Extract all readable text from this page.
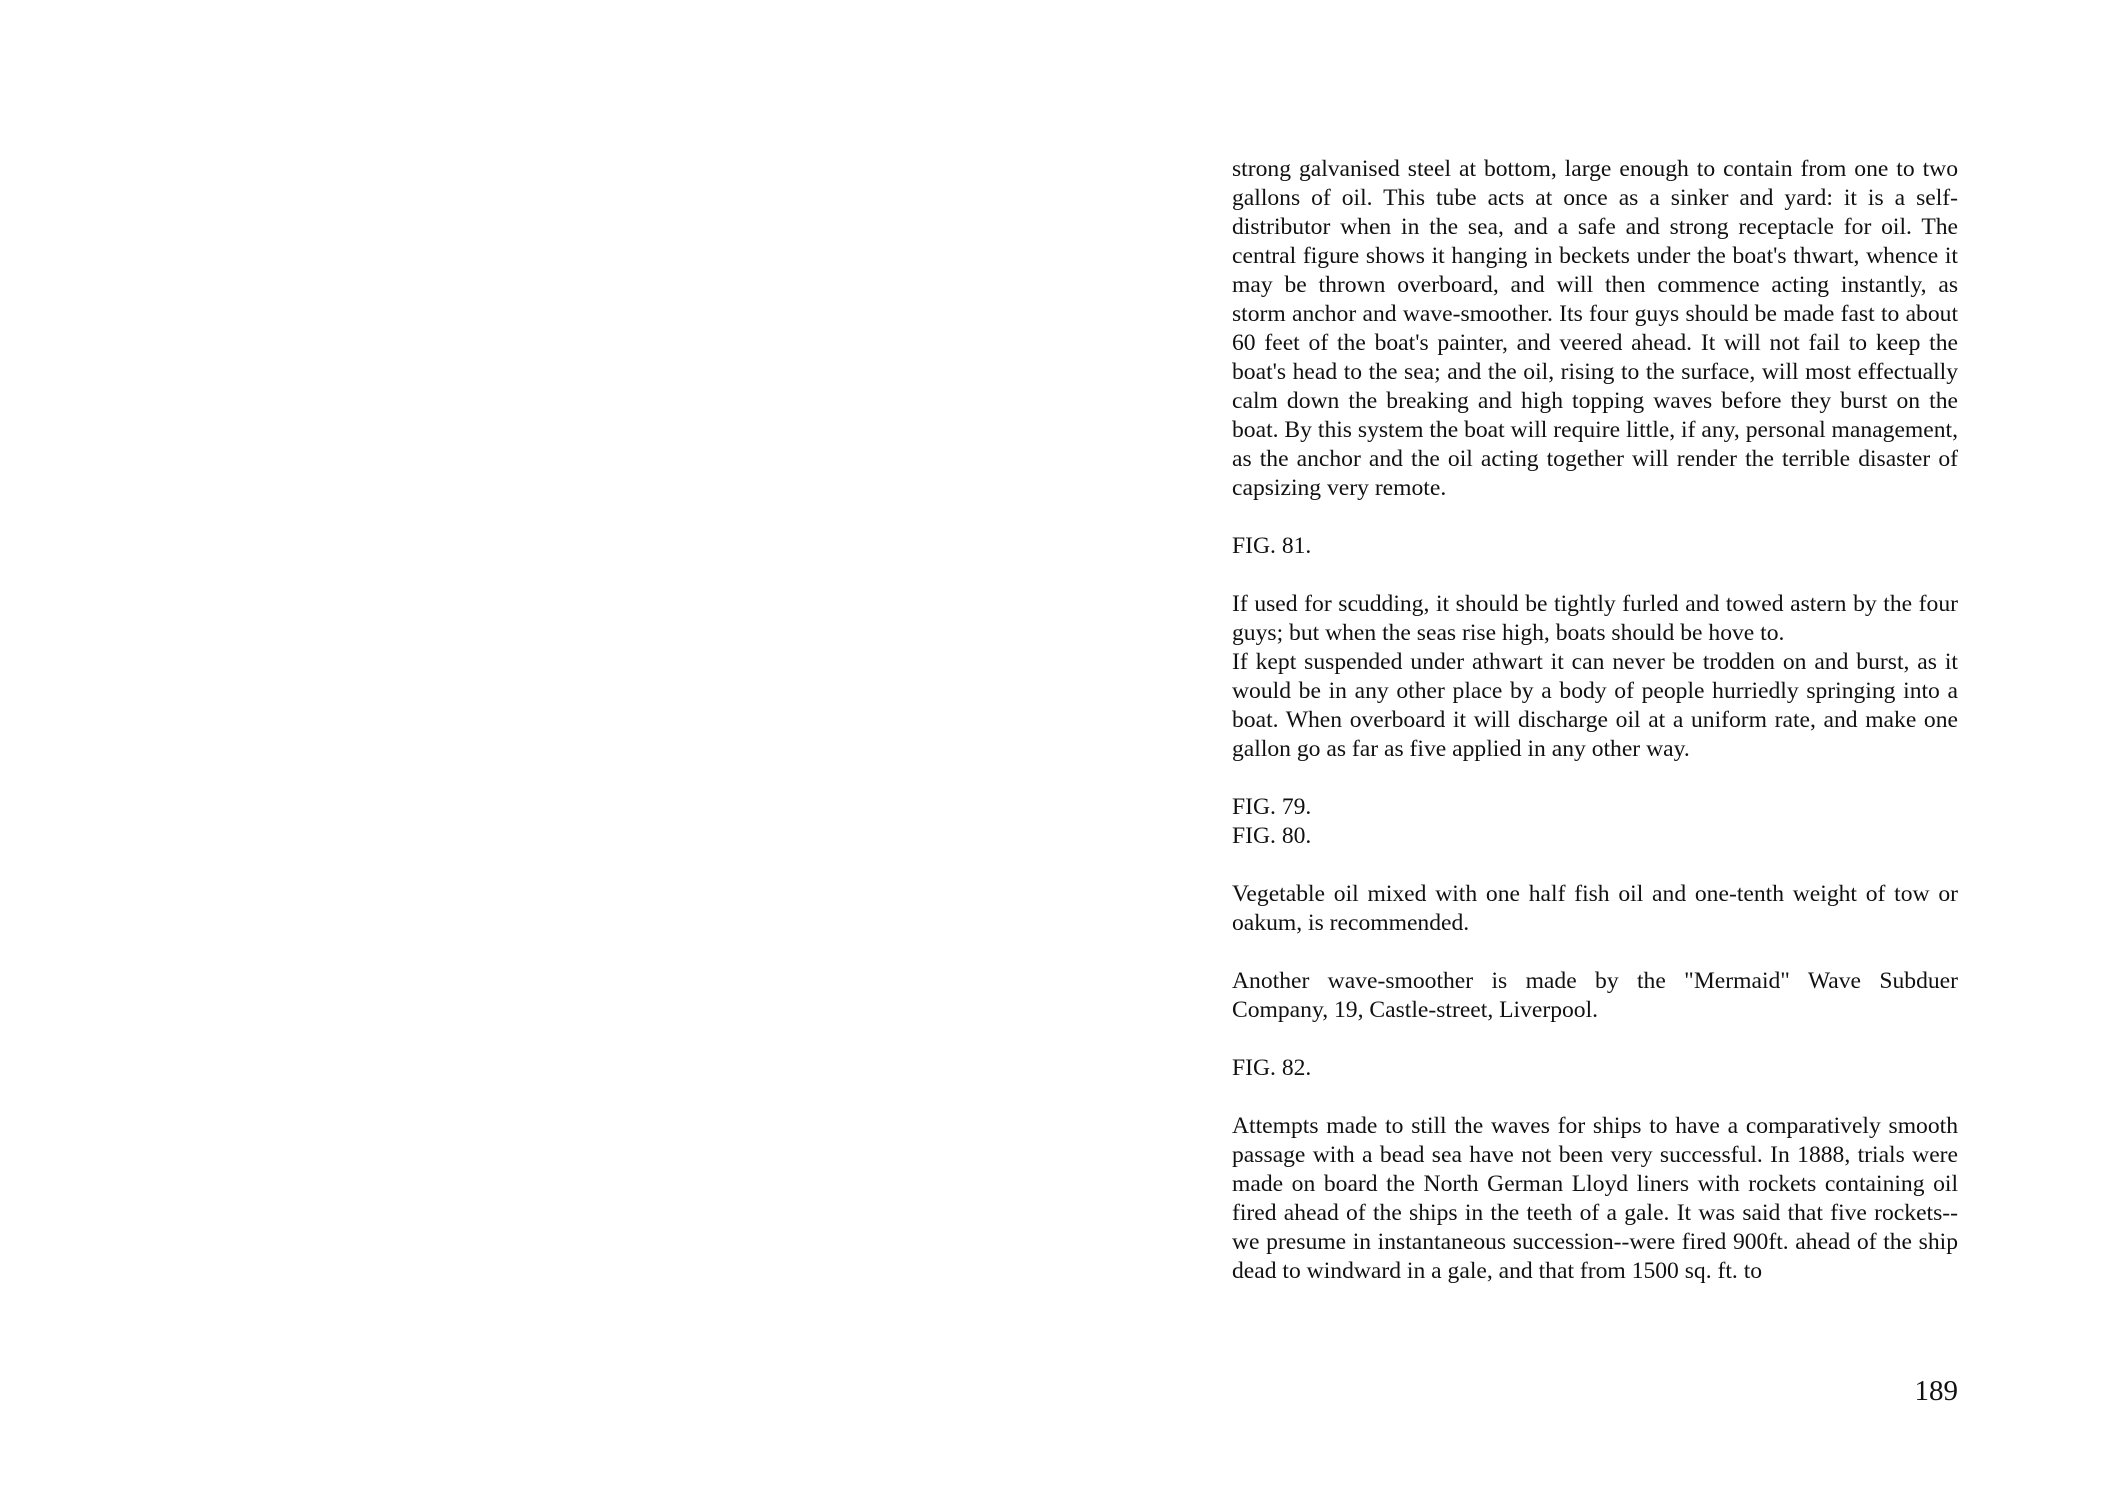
strong galvanised steel at bottom, large enough to contain from one to two gallons of oil. This tube acts at once as a sinker and yard: it is a self-distributor when in the sea, and a safe and strong receptacle for oil. The central figure shows it hanging in beckets under the boat's thwart, whence it may be thrown overboard, and will then commence acting instantly, as storm anchor and wave-smoother. Its four guys should be made fast to about 60 feet of the boat's painter, and veered ahead. It will not fail to keep the boat's head to the sea; and the oil, rising to the surface, will most effectually calm down the breaking and high topping waves before they burst on the boat. By this system the boat will require little, if any, personal management, as the anchor and the oil acting together will render the terrible disaster of capsizing very remote.

FIG. 81.

If used for scudding, it should be tightly furled and towed astern by the four guys; but when the seas rise high, boats should be hove to.

If kept suspended under athwart it can never be trodden on and burst, as it would be in any other place by a body of people hurriedly springing into a boat. When overboard it will discharge oil at a uniform rate, and make one gallon go as far as five applied in any other way.

FIG. 79.

FIG. 80.

Vegetable oil mixed with one half fish oil and one-tenth weight of tow or oakum, is recommended.

Another wave-smoother is made by the "Mermaid" Wave Subduer Company, 19, Castle-street, Liverpool.

FIG. 82.

Attempts made to still the waves for ships to have a comparatively smooth passage with a bead sea have not been very successful. In 1888, trials were made on board the North German Lloyd liners with rockets containing oil fired ahead of the ships in the teeth of a gale. It was said that five rockets--we presume in instantaneous succession--were fired 900ft. ahead of the ship dead to windward in a gale, and that from 1500 sq. ft. to

189
